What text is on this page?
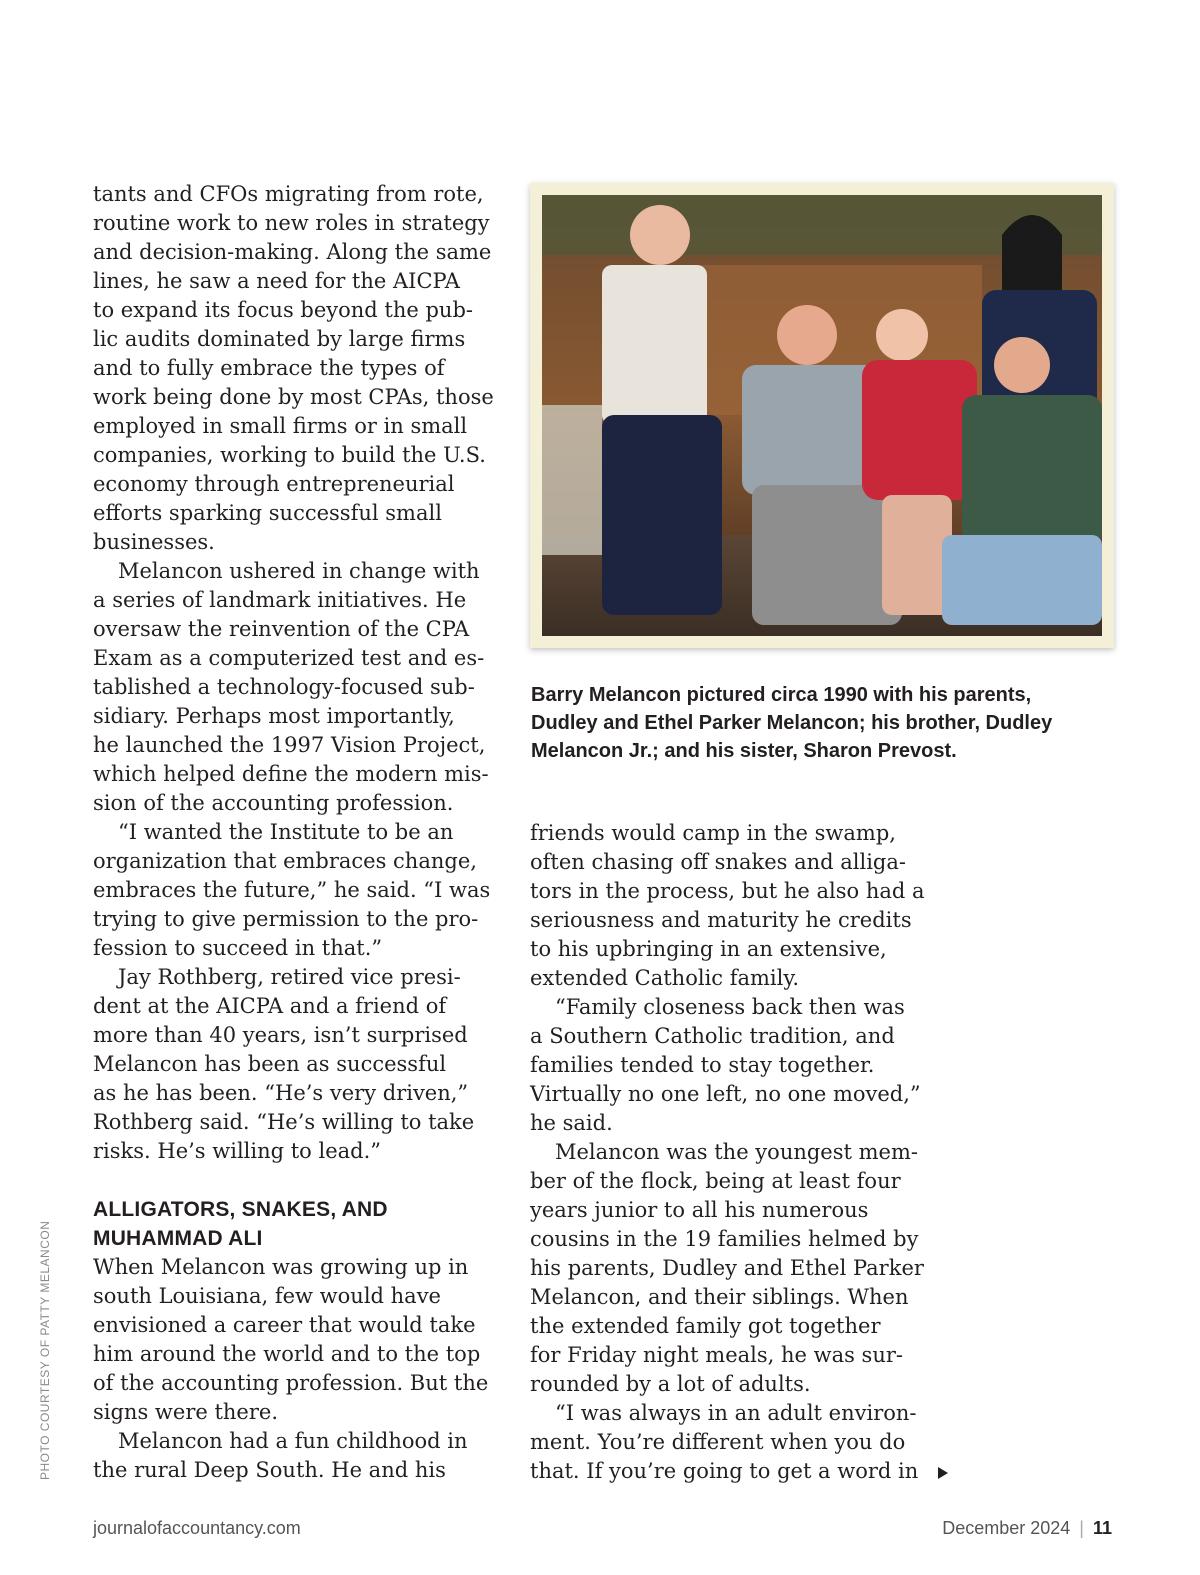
tants and CFOs migrating from rote,

routine work to new roles in strategy

and decision-making. Along the same

lines, he saw a need for the AICPA

to expand its focus beyond the pub-

lic audits dominated by large firms

and to fully embrace the types of

work being done by most CPAs, those

employed in small firms or in small

companies, working to build the U.S.

economy through entrepreneurial

efforts sparking successful small

businesses.

Melancon ushered in change with

a series of landmark initiatives. He

oversaw the reinvention of the CPA

Exam as a computerized test and es-

tablished a technology-focused sub-

sidiary. Perhaps most importantly,

he launched the 1997 Vision Project,

which helped define the modern mis-

sion of the accounting profession.

“I wanted the Institute to be an

organization that embraces change,

embraces the future,” he said. “I was

trying to give permission to the pro-

fession to succeed in that.”

Jay Rothberg, retired vice presi-

dent at the AICPA and a friend of

more than 40 years, isn’t surprised

Melancon has been as successful

as he has been. “He’s very driven,”

Rothberg said. “He’s willing to take

risks. He’s willing to lead.”

ALLIGATORS, SNAKES, AND

MUHAMMAD ALI

When Melancon was growing up in

south Louisiana, few would have

envisioned a career that would take

him around the world and to the top

of the accounting profession. But the

signs were there.

Melancon had a fun childhood in

the rural Deep South. He and his

Barry Melancon pictured circa 1990 with his parents,
Dudley and Ethel Parker Melancon; his brother, Dudley
Melancon Jr.; and his sister, Sharon Prevost.

friends would camp in the swamp,

often chasing off snakes and alliga-

tors in the process, but he also had a

seriousness and maturity he credits

to his upbringing in an extensive,

extended Catholic family.

“Family closeness back then was

a Southern Catholic tradition, and

families tended to stay together.

Virtually no one left, no one moved,”

he said.

Melancon was the youngest mem-

ber of the flock, being at least four

years junior to all his numerous

cousins in the 19 families helmed by

his parents, Dudley and Ethel Parker

Melancon, and their siblings. When

the extended family got together

for Friday night meals, he was sur-

rounded by a lot of adults.

“I was always in an adult environ-

ment. You’re different when you do

that. If you’re going to get a word in

PHOTO COURTESY OF PATTY MELANCON
journalofaccountancy.com	December 2024 | 11
